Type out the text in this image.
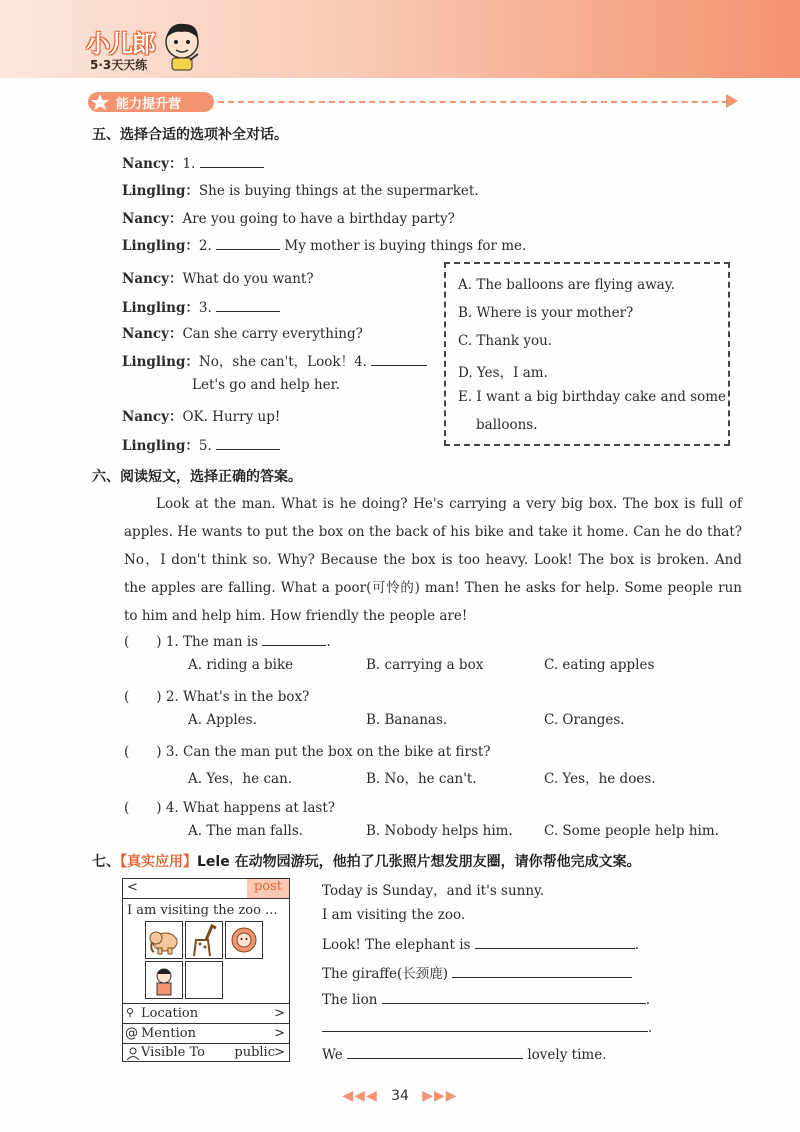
小儿郎
5·3天天练
能力提升营
五、选择合适的选项补全对话。
Nancy：1.
Lingling：She is buying things at the supermarket.
Nancy：Are you going to have a birthday party?
Lingling：2.	My mother is buying things for me.
Nancy：What do you want?
Lingling：3.
Nancy：Can she carry everything?
Lingling：No，she can't，Look！4.
Let's go and help her.
Nancy：OK. Hurry up!
Lingling：5.
A. The balloons are flying away.
B. Where is your mother?
C. Thank you.
D. Yes，I am.
E. I want a big birthday cake and some
balloons.
六、阅读短文，选择正确的答案。
Look at the man. What is he doing? He's carrying a very big box. The box is full of apples. He wants to put the box on the back of his bike and take it home. Can he do that? No，I don't think so. Why? Because the box is too heavy. Look! The box is broken. And the apples are falling. What a poor(可怜的) man! Then he asks for help. Some people run to him and help him. How friendly the people are!
(　　) 1. The man is	.
A. riding a bike	B. carrying a box	C. eating apples
(　　) 2. What's in the box?
A. Apples.	B. Bananas.	C. Oranges.
(　　) 3. Can the man put the box on the bike at first?
A. Yes，he can.	B. No，he can't.	C. Yes，he does.
(　　) 4. What happens at last?
A. The man falls.	B. Nobody helps him. C. Some people help him.
七、【真实应用】Lele 在动物园游玩，他拍了几张照片想发朋友圈，请你帮他完成文案。
<	post
I am visiting the zoo ...
⚲ Location	>
@ Mention	>
Visible To public >
Today is Sunday，and it's sunny.
I am visiting the zoo.
Look! The elephant is	.
The giraffe(长颈鹿)
The lion	.
.
We	lovely time.
◀◀◀ 34 ▶▶▶
